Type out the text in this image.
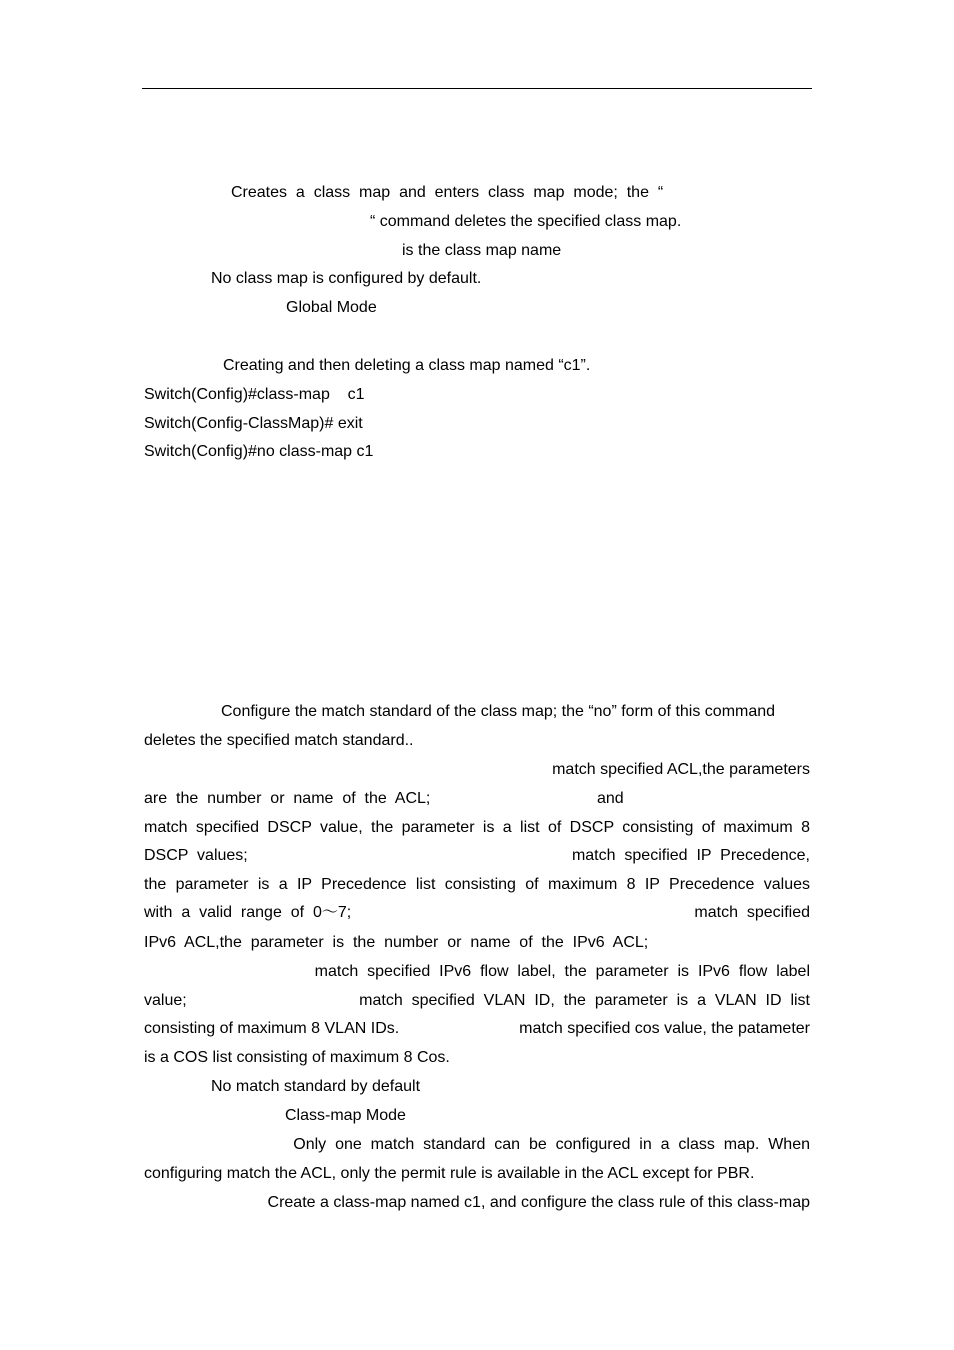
Creates  a  class  map  and  enters  class  map  mode;  the  “
“ command deletes the specified class map.
is the class map name
No class map is configured by default.
Global Mode
Creating and then deleting a class map named “c1”.
Switch(Config)#class-map    c1
Switch(Config-ClassMap)# exit
Switch(Config)#no class-map c1
Configure the match standard of the class map; the “no” form of this command
deletes the specified match standard..
match specified ACL,the parameters
are  the  number  or  name  of  the  ACL;	and
match specified DSCP value, the parameter is a list of DSCP consisting of maximum 8
DSCP  values;	match  specified  IP  Precedence,
the parameter is a IP Precedence list consisting of maximum 8 IP Precedence values
with  a  valid  range  of  0～7;	match  specified
IPv6  ACL,the  parameter  is  the  number  or  name  of  the  IPv6  ACL;
match  specified  IPv6  flow  label,  the  parameter  is  IPv6  flow  label
value;	match  specified  VLAN  ID,  the  parameter  is  a  VLAN  ID  list
consisting of maximum 8 VLAN IDs.	match specified cos value, the patameter
is a COS list consisting of maximum 8 Cos.
No match standard by default
Class-map Mode
Only  one  match  standard  can  be  configured  in  a  class  map.  When
configuring match the ACL, only the permit rule is available in the ACL except for PBR.
Create a class-map named c1, and configure the class rule of this class-map
